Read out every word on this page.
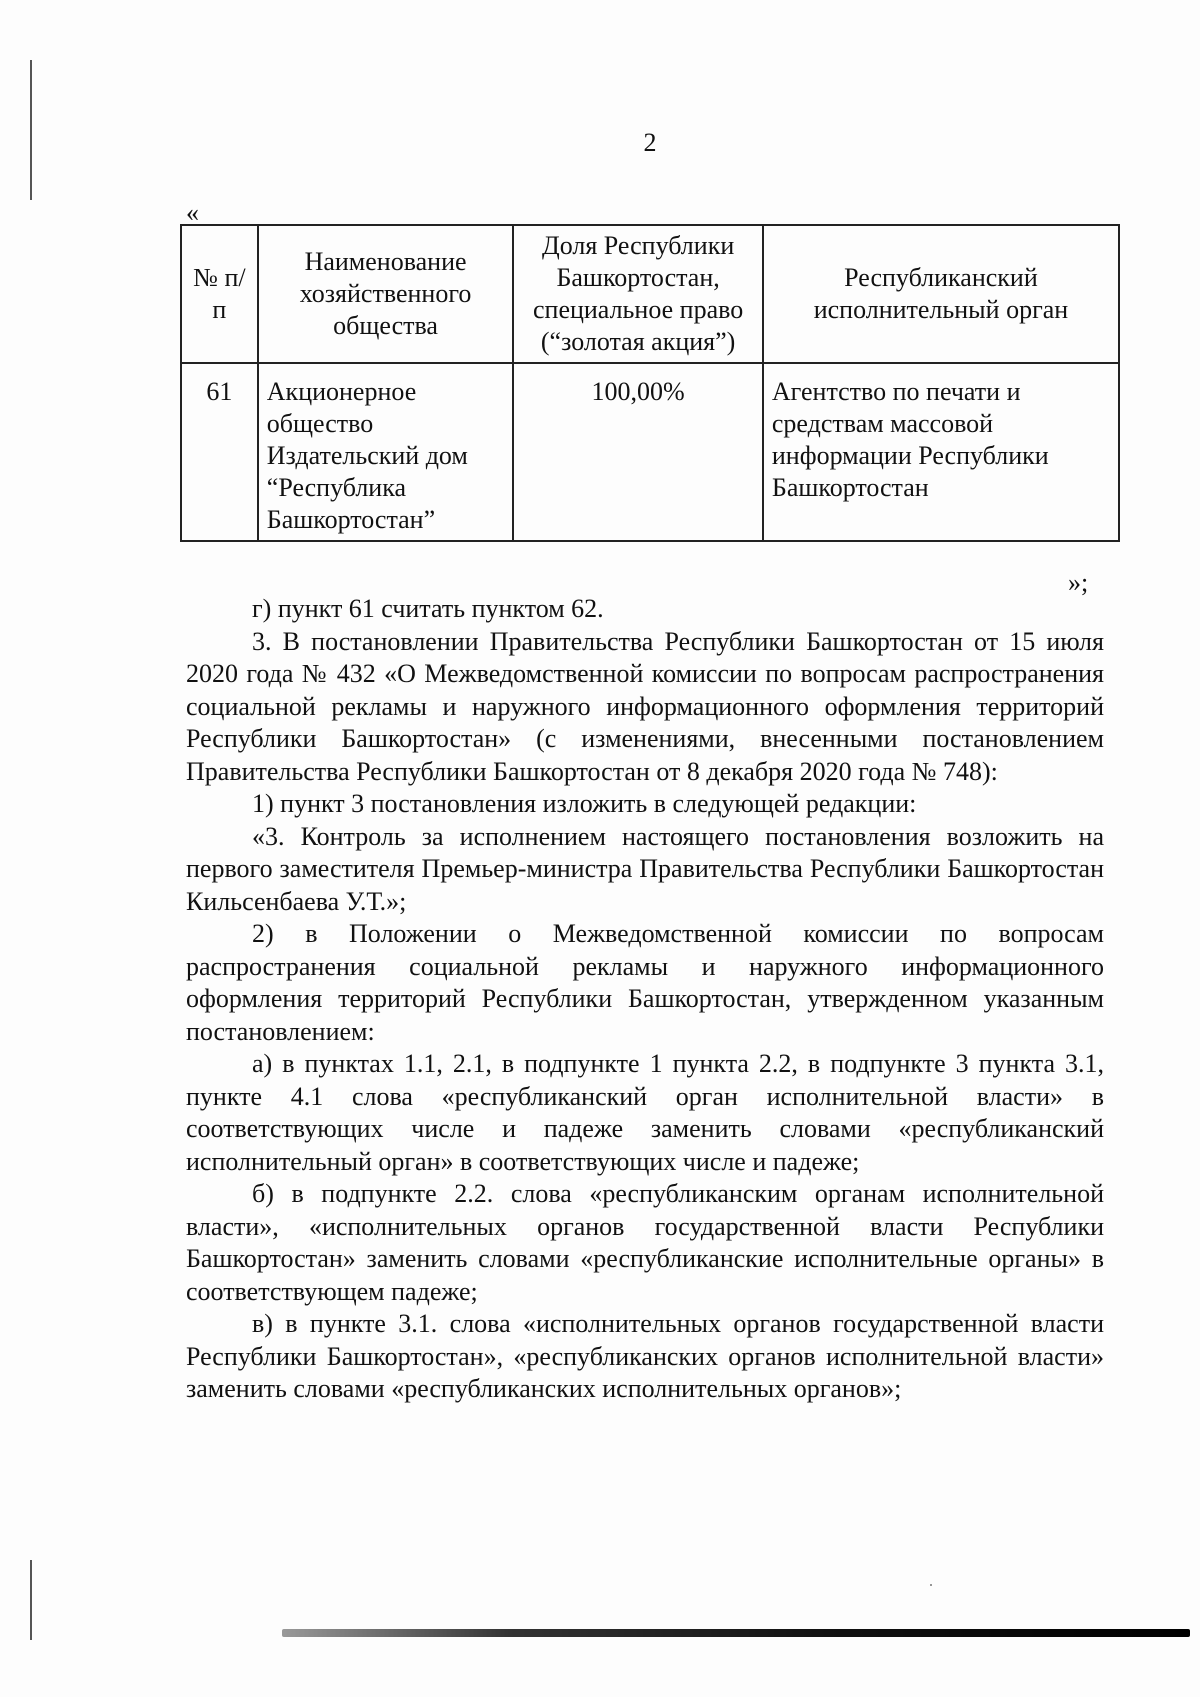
2
«
№ п/п	Наименование хозяйственного общества	Доля Республики Башкортостан, специальное право (“золотая акция”)	Республиканский исполнительный орган
61	Акционерное общество Издательский дом “Республика Башкортостан”	100,00%	Агентство по печати и средствам массовой информации Республики Башкортостан
»;

г) пункт 61 считать пунктом 62.

3. В постановлении Правительства Республики Башкортостан от 15 июля 2020 года № 432 «О Межведомственной комиссии по вопросам распространения социальной рекламы и наружного информационного оформления территорий Республики Башкортостан» (с изменениями, внесенными постановлением Правительства Республики Башкортостан от 8 декабря 2020 года № 748):

1) пункт 3 постановления изложить в следующей редакции:

«3. Контроль за исполнением настоящего постановления возложить на первого заместителя Премьер-министра Правительства Республики Башкортостан Кильсенбаева У.Т.»;

2) в Положении о Межведомственной комиссии по вопросам распространения социальной рекламы и наружного информационного оформления территорий Республики Башкортостан, утвержденном указанным постановлением:

а) в пунктах 1.1, 2.1, в подпункте 1 пункта 2.2, в подпункте 3 пункта 3.1, пункте 4.1 слова «республиканский орган исполнительной власти» в соответствующих числе и падеже заменить словами «республиканский исполнительный орган» в соответствующих числе и падеже;

б) в подпункте 2.2. слова «республиканским органам исполнительной власти», «исполнительных органов государственной власти Республики Башкортостан» заменить словами «республиканские исполнительные органы» в соответствующем падеже;

в) в пункте 3.1. слова «исполнительных органов государственной власти Республики Башкортостан», «республиканских органов исполнительной власти» заменить словами «республиканских исполнительных органов»;
